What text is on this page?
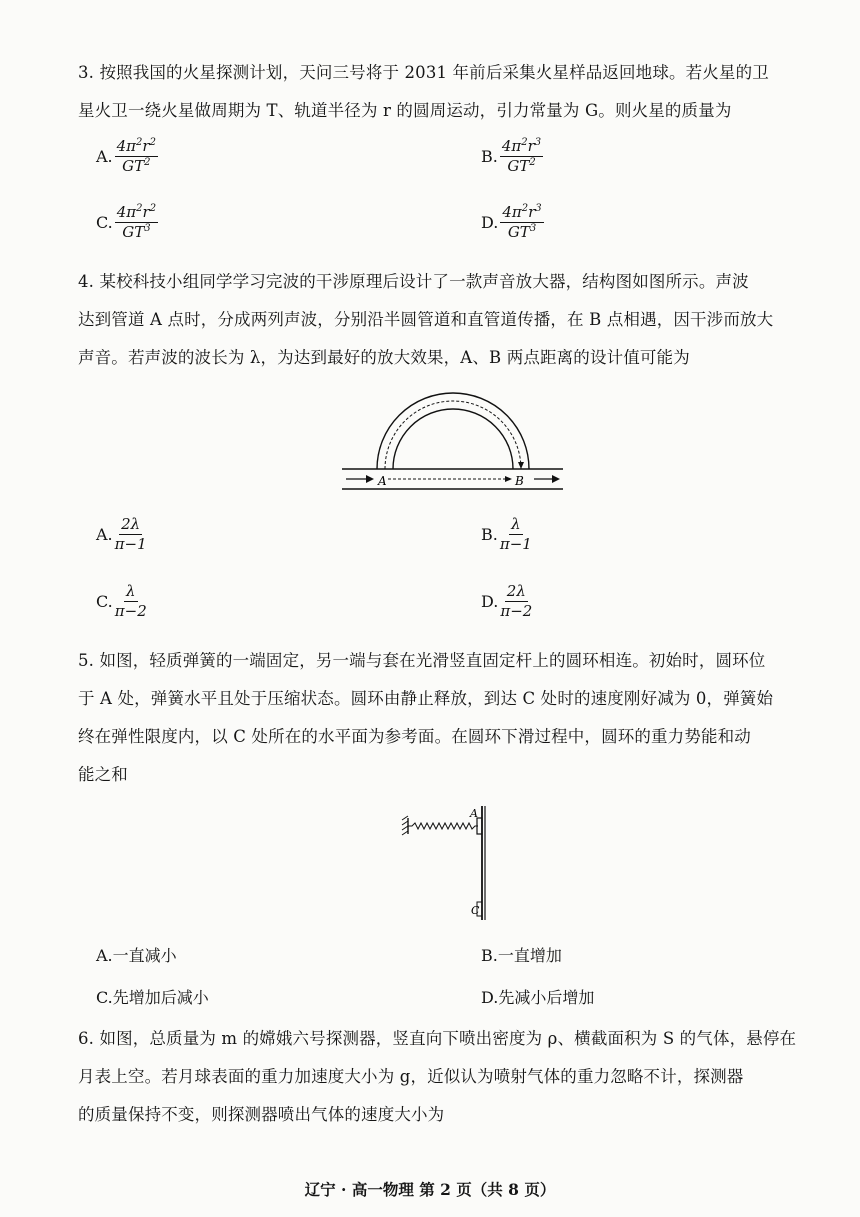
3. 按照我国的火星探测计划，天问三号将于 2031 年前后采集火星样品返回地球。若火星的卫
星火卫一绕火星做周期为 T、轨道半径为 r 的圆周运动，引力常量为 G。则火星的质量为
A. $\frac{4\pi^2r^2}{GT^2}$	B. $\frac{4\pi^2r^3}{GT^2}$
C. $\frac{4\pi^2r^2}{GT^3}$	D. $\frac{4\pi^2r^3}{GT^3}$
4. 某校科技小组同学学习完波的干涉原理后设计了一款声音放大器，结构图如图所示。声波
达到管道 A 点时，分成两列声波，分别沿半圆管道和直管道传播，在 B 点相遇，因干涉而放大
声音。若声波的波长为 λ，为达到最好的放大效果，A、B 两点距离的设计值可能为
A	B
A. $\frac{2\lambda}{\pi-1}$	B. $\frac{\lambda}{\pi-1}$
C. $\frac{\lambda}{\pi-2}$	D. $\frac{2\lambda}{\pi-2}$
5. 如图，轻质弹簧的一端固定，另一端与套在光滑竖直固定杆上的圆环相连。初始时，圆环位
于 A 处，弹簧水平且处于压缩状态。圆环由静止释放，到达 C 处时的速度刚好减为 0，弹簧始
终在弹性限度内，以 C 处所在的水平面为参考面。在圆环下滑过程中，圆环的重力势能和动
能之和
A
C
A.一直减小	B.一直增加
C.先增加后减小	D.先减小后增加
6. 如图，总质量为 m 的嫦娥六号探测器，竖直向下喷出密度为 ρ、横截面积为 S 的气体，悬停在
月表上空。若月球表面的重力加速度大小为 g，近似认为喷射气体的重力忽略不计，探测器
的质量保持不变，则探测器喷出气体的速度大小为
辽宁 · 高一物理 第 2 页（共 8 页）
